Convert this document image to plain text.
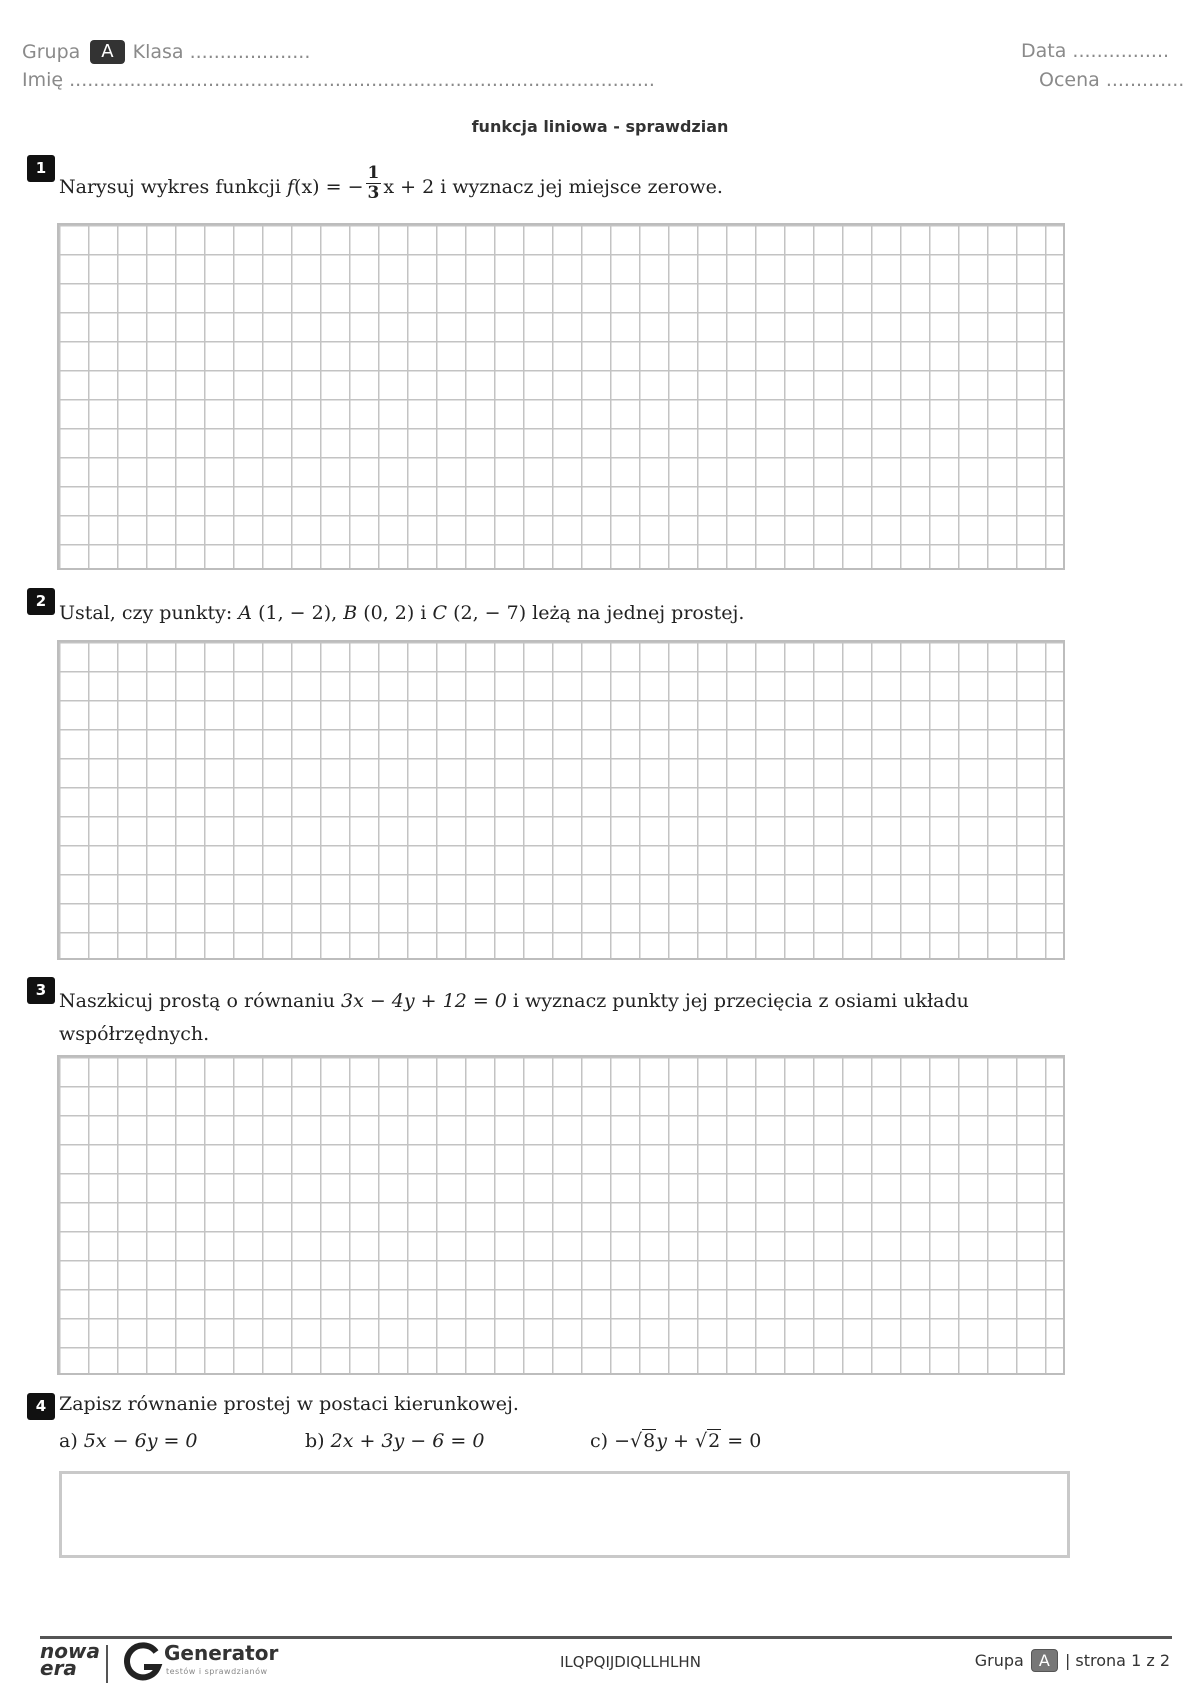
Grupa A Klasa ....................
Imię .................................................................................................
Data ................
Ocena .............
funkcja liniowa - sprawdzian
1
Narysuj wykres funkcji f(x) = − $\frac{1}{3}$ x + 2 i wyznacz jej miejsce zerowe.
2
Ustal, czy punkty: A (1, − 2), B (0, 2) i C (2, − 7) leżą na jednej prostej.
3 Naszkicuj prostą o równaniu 3x − 4y + 12 = 0 i wyznacz punkty jej przecięcia z osiami układu
współrzędnych.
4 Zapisz równanie prostej w postaci kierunkowej.
a) 5x − 6y = 0	b) 2x + 3y − 6 = 0	c) −√8y + √2 = 0
nowa
era
Generator
testów i sprawdzianów
ILQPQIJDIQLLHLHN	Grupa A | strona 1 z 2
